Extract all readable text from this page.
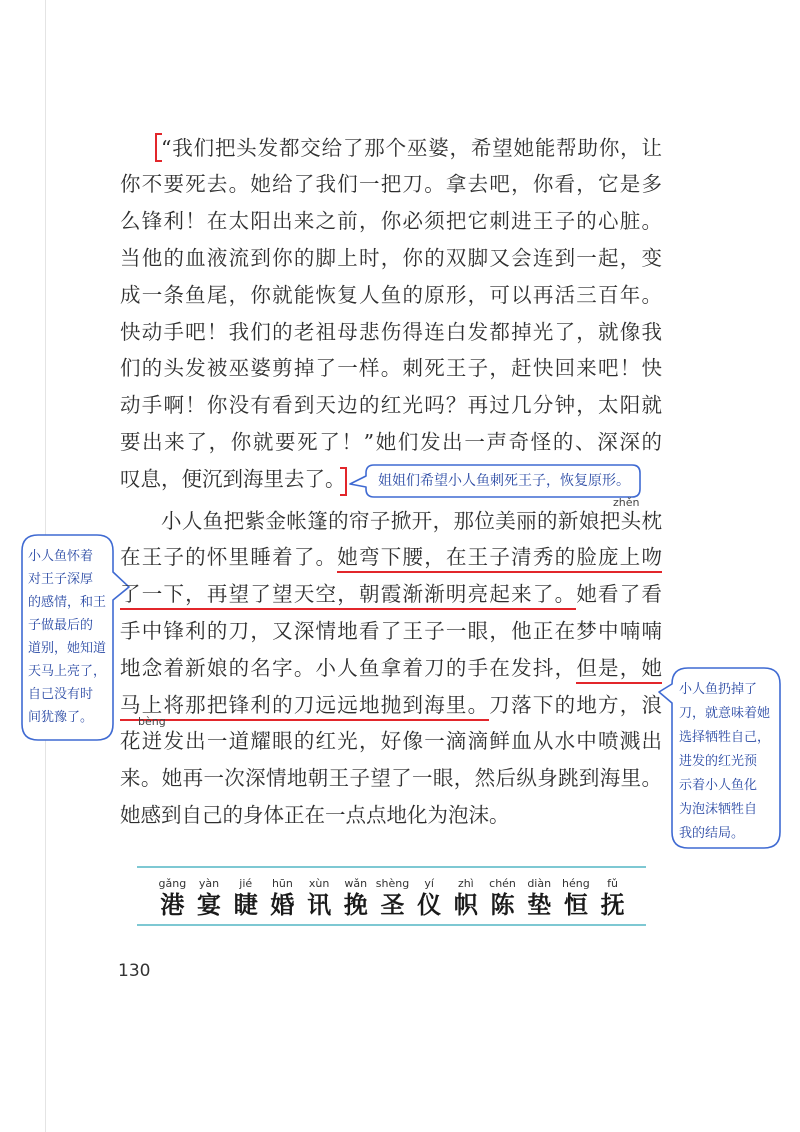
“我们把头发都交给了那个巫婆，希望她能帮助你，让
你不要死去。她给了我们一把刀。拿去吧，你看，它是多
么锋利！在太阳出来之前，你必须把它刺进王子的心脏。
当他的血液流到你的脚上时，你的双脚又会连到一起，变
成一条鱼尾，你就能恢复人鱼的原形，可以再活三百年。
快动手吧！我们的老祖母悲伤得连白发都掉光了，就像我
们的头发被巫婆剪掉了一样。刺死王子，赶快回来吧！快
动手啊！你没有看到天边的红光吗？再过几分钟，太阳就
要出来了，你就要死了！”她们发出一声奇怪的、深深的
叹息，便沉到海里去了。
小人鱼把紫金帐篷的帘子掀开，那位美丽的新娘把头枕
在王子的怀里睡着了。她弯下腰，在王子清秀的脸庞上吻
了一下，再望了望天空，朝霞渐渐明亮起来了。她看了看
手中锋利的刀，又深情地看了王子一眼，他正在梦中喃喃
地念着新娘的名字。小人鱼拿着刀的手在发抖，但是，她
马上将那把锋利的刀远远地抛到海里。刀落下的地方，浪
花迸发出一道耀眼的红光，好像一滴滴鲜血从水中喷溅出
来。她再一次深情地朝王子望了一眼，然后纵身跳到海里。
她感到自己的身体正在一点点地化为泡沫。
zhěn
bèng
姐姐们希望小人鱼刺死王子，恢复原形。
小人鱼怀着
对王子深厚
的感情，和王
子做最后的
道别，她知道
天马上亮了，
自己没有时
间犹豫了。
小人鱼扔掉了
刀，就意味着她
选择牺牲自己，
进发的红光预
示着小人鱼化
为泡沫牺牲自
我的结局。
gǎng
港
yàn
宴
jié
睫
hūn
婚
xùn
讯
wǎn
挽
shèng
圣
yí
仪
zhì
帜
chén
陈
diàn
垫
héng
恒
fǔ
抚
130
